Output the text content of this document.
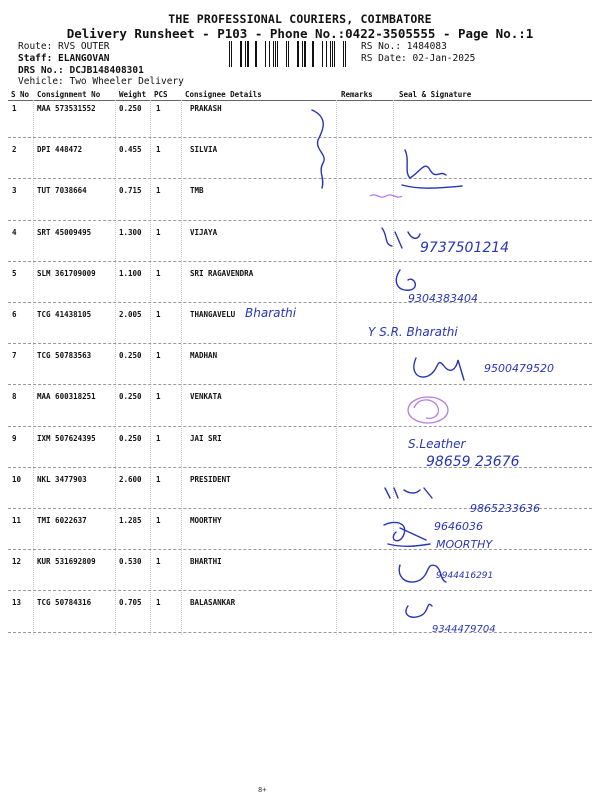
THE PROFESSIONAL COURIERS, COIMBATORE
Delivery Runsheet - P103 - Phone No.:0422-3505555 - Page No.:1
Route: RVS OUTER
Staff: ELANGOVAN
DRS No.: DCJB148408301
Vehicle: Two Wheeler Delivery
RS No.: 1484083
RS Date: 02-Jan-2025
S No Consignment No	Weight PCS Consignee Details	Remarks	Seal & Signature
1	MAA 573531552	0.250 1	PRAKASH
2	DPI 448472	0.455 1	SILVIA
3	TUT 7038664	0.715 1	TMB
4	SRT 45009495	1.300 1	VIJAYA
5	SLM 361709009	1.100 1	SRI RAGAVENDRA
6	TCG 41438105	2.005 1	THANGAVELU
7	TCG 50783563	0.250 1	MADHAN
8	MAA 600318251	0.250 1	VENKATA
9	IXM 507624395	0.250 1	JAI SRI
10 NKL 3477903	2.600 1	PRESIDENT
11 TMI 6022637	1.285 1	MOORTHY
12 KUR 531692809	0.530 1	BHARTHI
13 TCG 50784316	0.705 1	BALASANKAR
Bharathi
Y S.R. Bharathi
9737501214
9304383404
9500479520
S.Leather
98659 23676
9865233636
9646036
MOORTHY
9944416291
9344479704
8+
